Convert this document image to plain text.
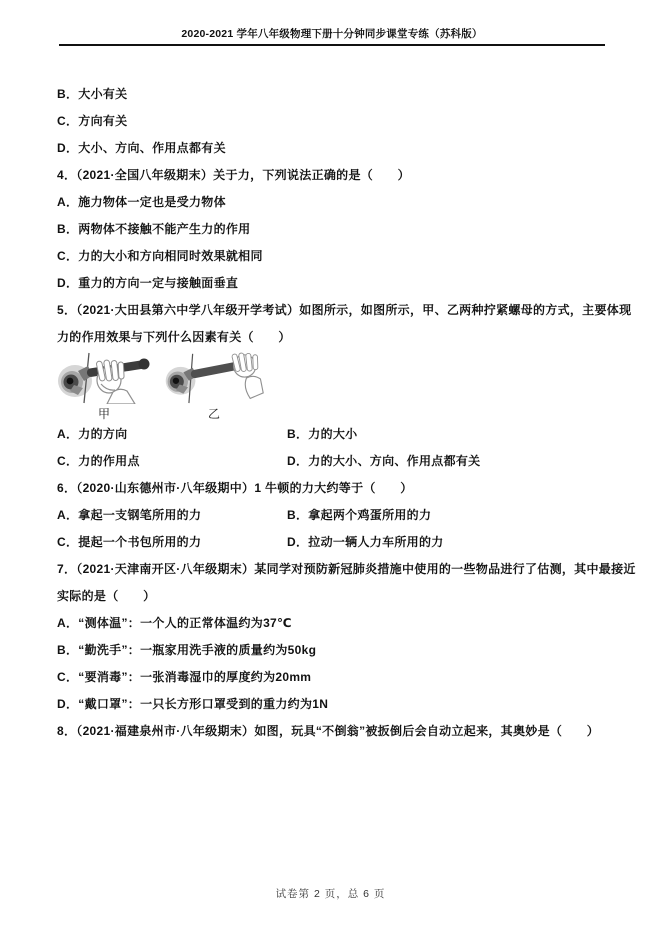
2020-2021 学年八年级物理下册十分钟同步课堂专练（苏科版）
B．大小有关
C．方向有关
D．大小、方向、作用点都有关
4．（2021·全国八年级期末）关于力，下列说法正确的是（　　）
A．施力物体一定也是受力物体
B．两物体不接触不能产生力的作用
C．力的大小和方向相同时效果就相同
D．重力的方向一定与接触面垂直
5．（2021·大田县第六中学八年级开学考试）如图所示，如图所示，甲、乙两种拧紧螺母的方式，主要体现
力的作用效果与下列什么因素有关（　　）
甲	乙
A．力的方向	B．力的大小
C．力的作用点	D．力的大小、方向、作用点都有关
6．（2020·山东德州市·八年级期中）1 牛顿的力大约等于（　　）
A．拿起一支钢笔所用的力	B．拿起两个鸡蛋所用的力
C．提起一个书包所用的力	D．拉动一辆人力车所用的力
7．（2021·天津南开区·八年级期末）某同学对预防新冠肺炎措施中使用的一些物品进行了估测，其中最接近
实际的是（　　）
A．“测体温”：一个人的正常体温约为37℃
B．“勤洗手”：一瓶家用洗手液的质量约为50kg
C．“要消毒”：一张消毒湿巾的厚度约为20mm
D．“戴口罩”：一只长方形口罩受到的重力约为1N
8．（2021·福建泉州市·八年级期末）如图，玩具“不倒翁”被扳倒后会自动立起来，其奥妙是（　　）
试卷第 2 页，总 6 页
